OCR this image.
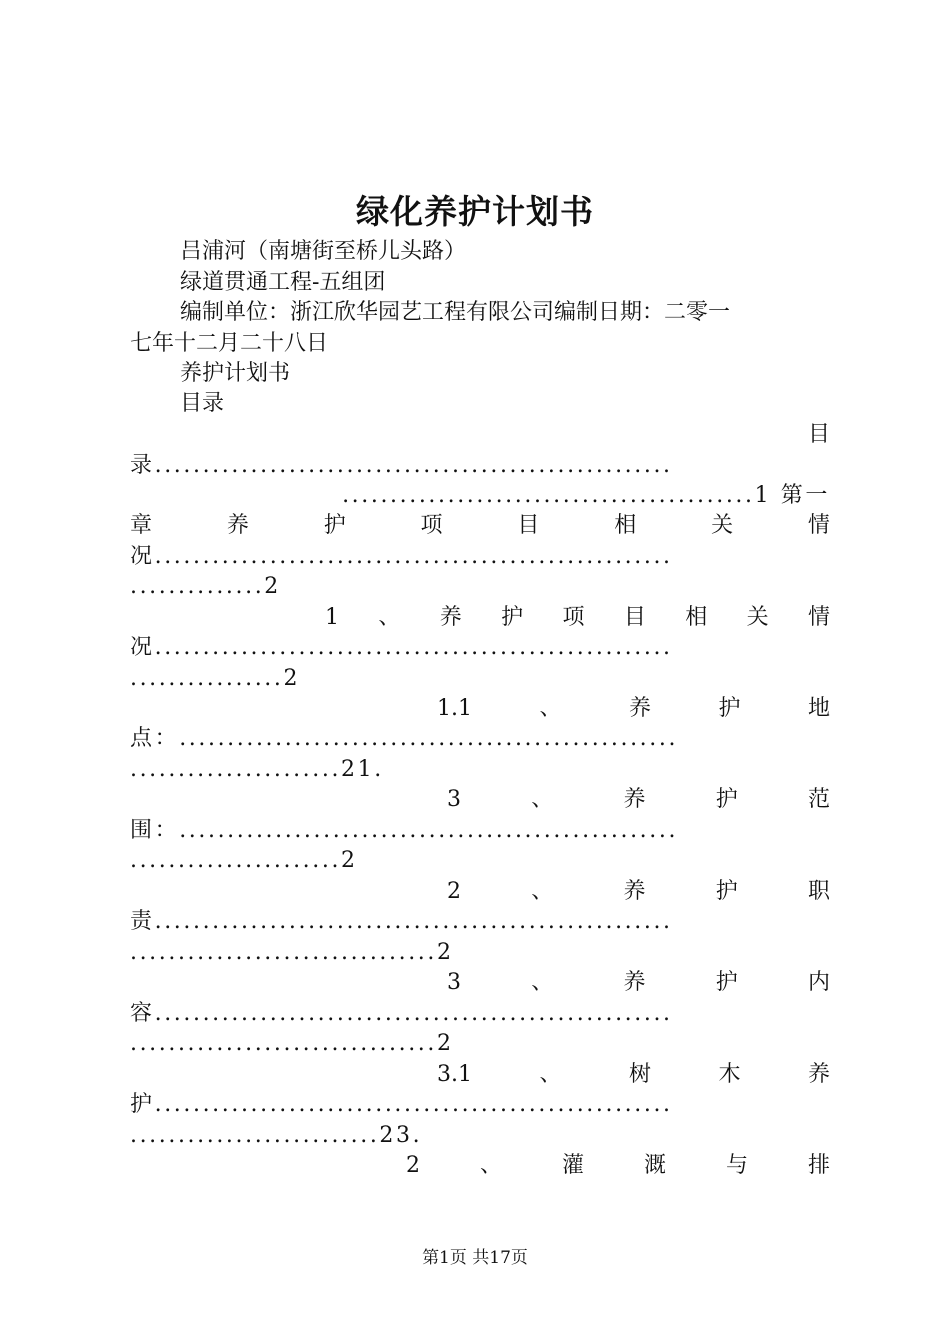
绿化养护计划书
吕浦河（南塘街至桥儿头路）
绿道贯通工程-五组团
编制单位：浙江欣华园艺工程有限公司编制日期：二零一
七年十二月二十八日
养护计划书
目录
目
录......................................................
...........................................1 第一
章	养	护	项	目	相	关	情
况......................................................
..............2
1 、 养 护 项 目 相 关 情
况......................................................
................2
1.1	、	养	护	地
点：....................................................
......................21.
3	、	养	护	范
围：....................................................
......................2
2	、	养	护	职
责......................................................
................................2
3	、	养	护	内
容......................................................
................................2
3.1	、	树	木	养
护......................................................
..........................23.
2	、	灌	溉	与	排
第1页 共17页
